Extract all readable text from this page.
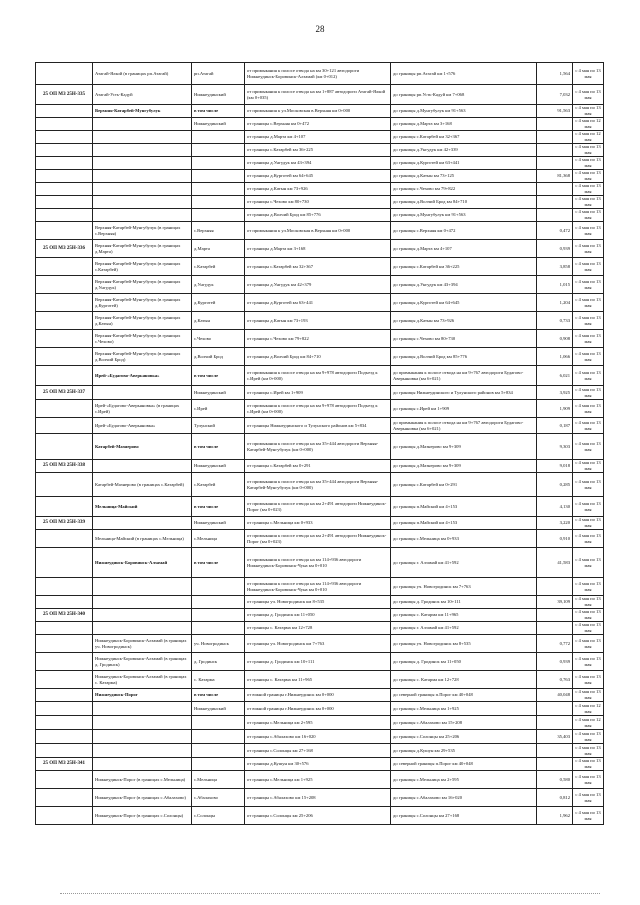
28
	Атагай-Ялкой (в границах рп.Атагай)	рп.Атагай	от примыкания к полосе отвода на км 30+121 автодороги Нижнеудинск-Боровинск-Алзамай (км 0+012)	до границы рп.Атагай км 1+576	1,564	с 4 мая по 13 мая
25 ОП МЗ 25Н-335	Атагай-Усть-Кадуй	Нижнеудинский	от примыкания к полосе отвода на км 1+887 автодороги Атагай-Ялкой (км 0+035)	до границы рп.Усть-Кадуй км 7+068	7,032	с 4 мая по 13 мая
	Верхняя-Катарбей-Мунгубулук	в том числе	от примыкания к ул.Московская в.Верхняя км 0+000	до границы д.Мунгубулук км 91+563	91,563	с 4 мая по 13 мая
		Нижнеудинский	от границы с.Верхняя км 0+472	до границы д.Марта км 3+168		с 4 мая по 12 мая
			от границы д.Марта км 4+107	до границы с.Катарбей км 32+367		с 4 мая по 12 мая
			от границы с.Катарбей км 36+225	до границы д.Унгудук км 42+339		с 4 мая по 13 мая
			от границы д.Унгудук км 43+394	до границы д.Курготей км 63+441		с 4 мая по 13 мая
			от границы д.Курготей км 64+645	до границы д.Катын км 73+125	81,368	с 4 мая по 13 мая
			от границы д.Катын км 73+926	до границы с.Чехово км 79+822		с 4 мая по 13 мая
			от границы с.Чехово км 80+730	до границы д.Волчий Брод км 84+710		с 4 мая по 13 мая
			от границы д.Волчий Брод км 85+776	до границы д.Мунгубулук км 91+563		с 4 мая по 13 мая
	Верхняя-Катарбей-Мунгубулук (в границах с.Верхняя)	с.Верхняя	от примыкания к ул.Московская в.Верхняя км 0+000	до границы с.Верхняя км 0+472	0,472	с 4 мая по 13 мая
25 ОП МЗ 25Н-336	Верхняя-Катарбей-Мунгубулук (в границах д.Марта)	д.Марта	от границы д.Марта км 3+168	до границы д.Марта км 4+107	0,939	с 4 мая по 13 мая
	Верхняя-Катарбей-Мунгубулук (в границах с.Катарбей)	с.Катарбей	от границы с.Катарбей км 32+367	до границы с.Катарбей км 36+225	3,858	с 4 мая по 13 мая
	Верхняя-Катарбей-Мунгубулук (в границах д.Унгудук)	д.Унгудук	от границы д.Унгудук км 42+379	до границы д.Унгудук км 43+394	1,015	с 4 мая по 13 мая
	Верхняя-Катарбей-Мунгубулук (в границах д.Курготей)	д.Курготей	от границы д.Курготей км 63+441	до границы д.Курготей км 64+645	1,204	с 4 мая по 13 мая
	Верхняя-Катарбей-Мунгубулук (в границах д.Катын)	д.Катын	от границы д.Катын км 73+193	до границы д.Катын км 73+926	0,733	с 4 мая по 13 мая
	Верхняя-Катарбей-Мунгубулук (в границах с.Чехово)	с.Чехово	от границы с.Чехово км 79+822	до границы с.Чехово км 80+730	0,908	с 4 мая по 13 мая
	Верхняя-Катарбей-Мунгубулук (в границах д.Волчий Брод)	д.Волчий Брод	от границы д.Волчий Брод км 84+710	до границы д.Волчий Брод км 85+776	1,066	с 4 мая по 13 мая
	Ирей-«Будагово-Аверьяновка»	в том числе	от примыкания к полосе отвода на км 9+978 автодороги Подъезд к с.Ирей (км 0+000)	до примыкания к полосе отвода на км 9+767 автодороги Будагово-Аверьяновка (км 6+021)	6,021	с 4 мая по 13 мая
25 ОП МЗ 25Н-337		Нижнеудинский	от границы с.Ирей км 1+909	до границы Нижнеудинского и Тулунского районов км 5+834	3,925	с 4 мая по 13 мая
	Ирей-«Будагово-Аверьяновка» (в границах с.Ирей)	с.Ирей	от примыкания к полосе отвода на км 9+978 автодороги Подъезд к с.Ирей (км 0+000)	до границы с.Ирей км 1+909	1,909	с 4 мая по 13 мая
	Ирей-«Будагово-Аверьяновка»	Тулунский	от границы Нижнеудинского и Тулунского районов км 5+834	до примыкания к полосе отвода на км 9+767 автодороги Будагово-Аверьяновка (км 6+021)	0,187	с 4 мая по 13 мая
	Катарбей-Мазнерово	в том числе	от примыкания к полосе отвода на км 35+444 автодороги Верхняя-Катарбей-Мунгубулук (км 0+000)	до границы д.Мазнерово км 9+309	9,303	с 4 мая по 13 мая
25 ОП МЗ 25Н-338		Нижнеудинский	от границы с.Катарбей км 0+291	до границы д.Мазнерово км 9+309	9,018	с 4 мая по 13 мая
	Катарбей-Мазнерово (в границах с.Катарбей)	с.Катарбей	от примыкания к полосе отвода на км 35+444 автодороги Верхняя-Катарбей-Мунгубулук (км 0+000)	до границы с.Катарбей км 0+291	0,285	с 4 мая по 13 мая
	Мельница-Майский	в том числе	от примыкания к полосе отвода на км 2+491 автодороги Нижнеудинск-Порог (км 0+023)	до границы п.Майский км 4+153	4,130	с 4 мая по 13 мая
25 ОП МЗ 25Н-339		Нижнеудинский	от границы с.Мельница км 0+933	до границы п.Майский км 4+153	3,220	с 4 мая по 13 мая
	Мельница-Майский (в границах с.Мельница)	с.Мельница	от примыкания к полосе отвода на км 2+491 автодороги Нижнеудинск-Порог (км 0+023)	до границы с.Мельница км 0+933	0,910	с 4 мая по 13 мая
	Нижнеудинск-Боровинск-Алзамай	в том числе	от примыкания к полосе отвода на км 114+936 автодороги Нижнеудинск-Боровинск-Чуна км 0+010	до границы г. Алзамай км 41+592	41,583	с 4 мая по 13 мая
			от примыкания к полосе отвода на км 114+936 автодороги Нижнеудинск-Боровинск-Чуна км 0+010	до границы уч. Новогродинск км 7+763		с 4 мая по 13 мая
			от границы уч. Новогродинск км 8+535	до границы д. Гродинск км 10+111	39,109	с 4 мая по 13 мая
25 ОП МЗ 25Н-340			от границы д. Гродинск км 11+050	до границы с. Катарма км 11+965		с 4 мая по 13 мая
			от границы с. Катарма км 12+728	до границы г. Алзамай км 41+592		с 4 мая по 13 мая
	Нижнеудинск-Боровинск-Алзамай (в границах уч. Новогродинск)	уч. Новогродинск	от границы уч. Новогродинск км 7+763	до границы уч. Новогродинск км 8+535	0,772	с 4 мая по 13 мая
	Нижнеудинск-Боровинск-Алзамай (в границах д. Гродинск)	д. Гродинск	от границы д. Гродинск км 10+111	до границы д. Гродинск км 11+050	0,939	с 4 мая по 13 мая
	Нижнеудинск-Боровинск-Алзамай (в границах с. Катарма)	с. Катарма	от границы с. Катарма км 11+965	до границы с. Катарма км 12+728	0,763	с 4 мая по 13 мая
	Нижнеудинск-Порог	в том числе	от южной границы г.Нижнеудинск км 0+000	до северной границы п.Порог км 40+048	40,048	с 4 мая по 13 мая
		Нижнеудинский	от южной границы г.Нижнеудинск км 0+000	до границы с.Мельница км 1+925		с 4 мая по 12 мая
			от границы с.Мельница км 2+595	до границы с.Абалахово км 15+208		с 4 мая по 12 мая
			от границы с.Абалахово км 16+020	до границы с.Солонцы км 25+206	35,403	с 4 мая по 13 мая
			от границы с.Солонцы км 27+168	до границы д.Кушун км 29+535		с 4 мая по 13 мая
25 ОП МЗ 25Н-341			от границы д.Кушун км 30+576	до северной границы п.Порог км 40+048		с 4 мая по 13 мая
	Нижнеудинск-Порог (в границах с.Мельница)	с.Мельница	от границы с.Мельница км 1+925	до границы с.Мельница км 2+595	0,580	с 4 мая по 13 мая
	Нижнеудинск-Порог (в границах с.Абалахово)	с.Абалахово	от границы с.Абалахово км 15+208	до границы с.Абалахово км 16+020	0,812	с 4 мая по 13 мая
	Нижнеудинск-Порог (в границах с.Солонцы)	с.Солонцы	от границы с.Солонцы км 25+206	до границы с.Солонцы км 27+168	1,962	с 4 мая по 13 мая
